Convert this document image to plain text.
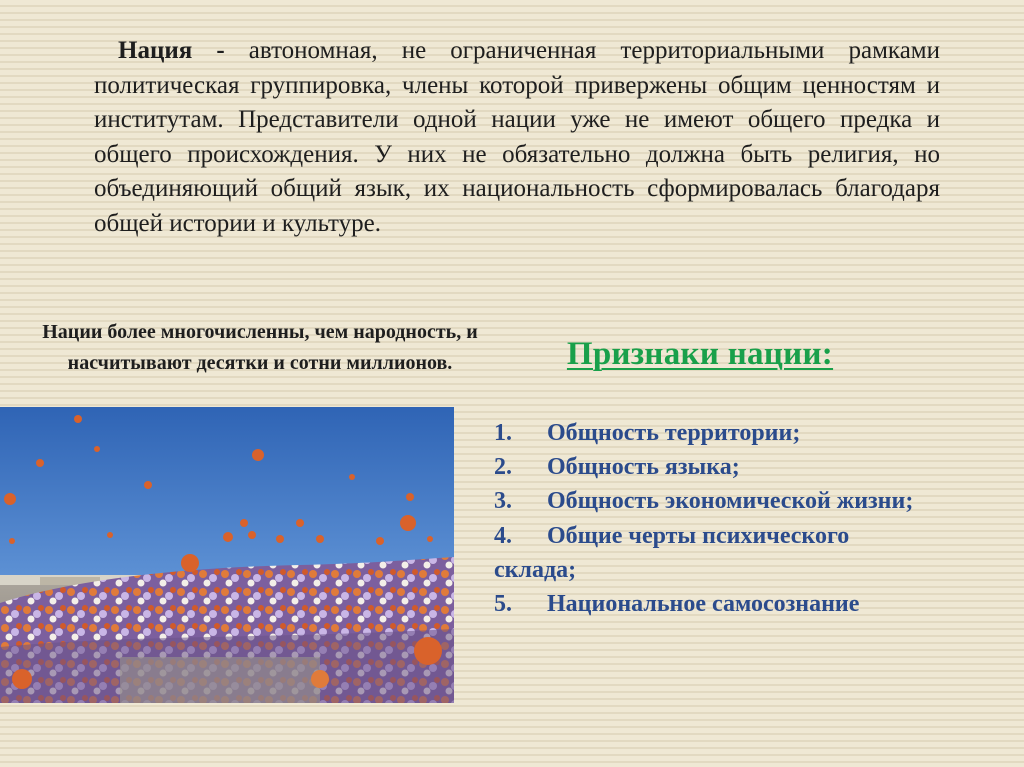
Нация - автономная, не ограниченная территориальными рамками политическая группировка, члены которой привержены общим ценностям и институтам. Представители одной нации уже не имеют общего предка и общего происхождения. У них не обязательно должна быть религия, но объединяющий общий язык, их национальность сформировалась благодаря общей истории и культуре.

Нации более многочисленны, чем народность, и насчитывают десятки и сотни миллионов.	Признаки нации:
1. Общность территории;
2. Общность языка;
3. Общность экономической жизни;
4. Общие черты психического склада;
5. Национальное самосознание
